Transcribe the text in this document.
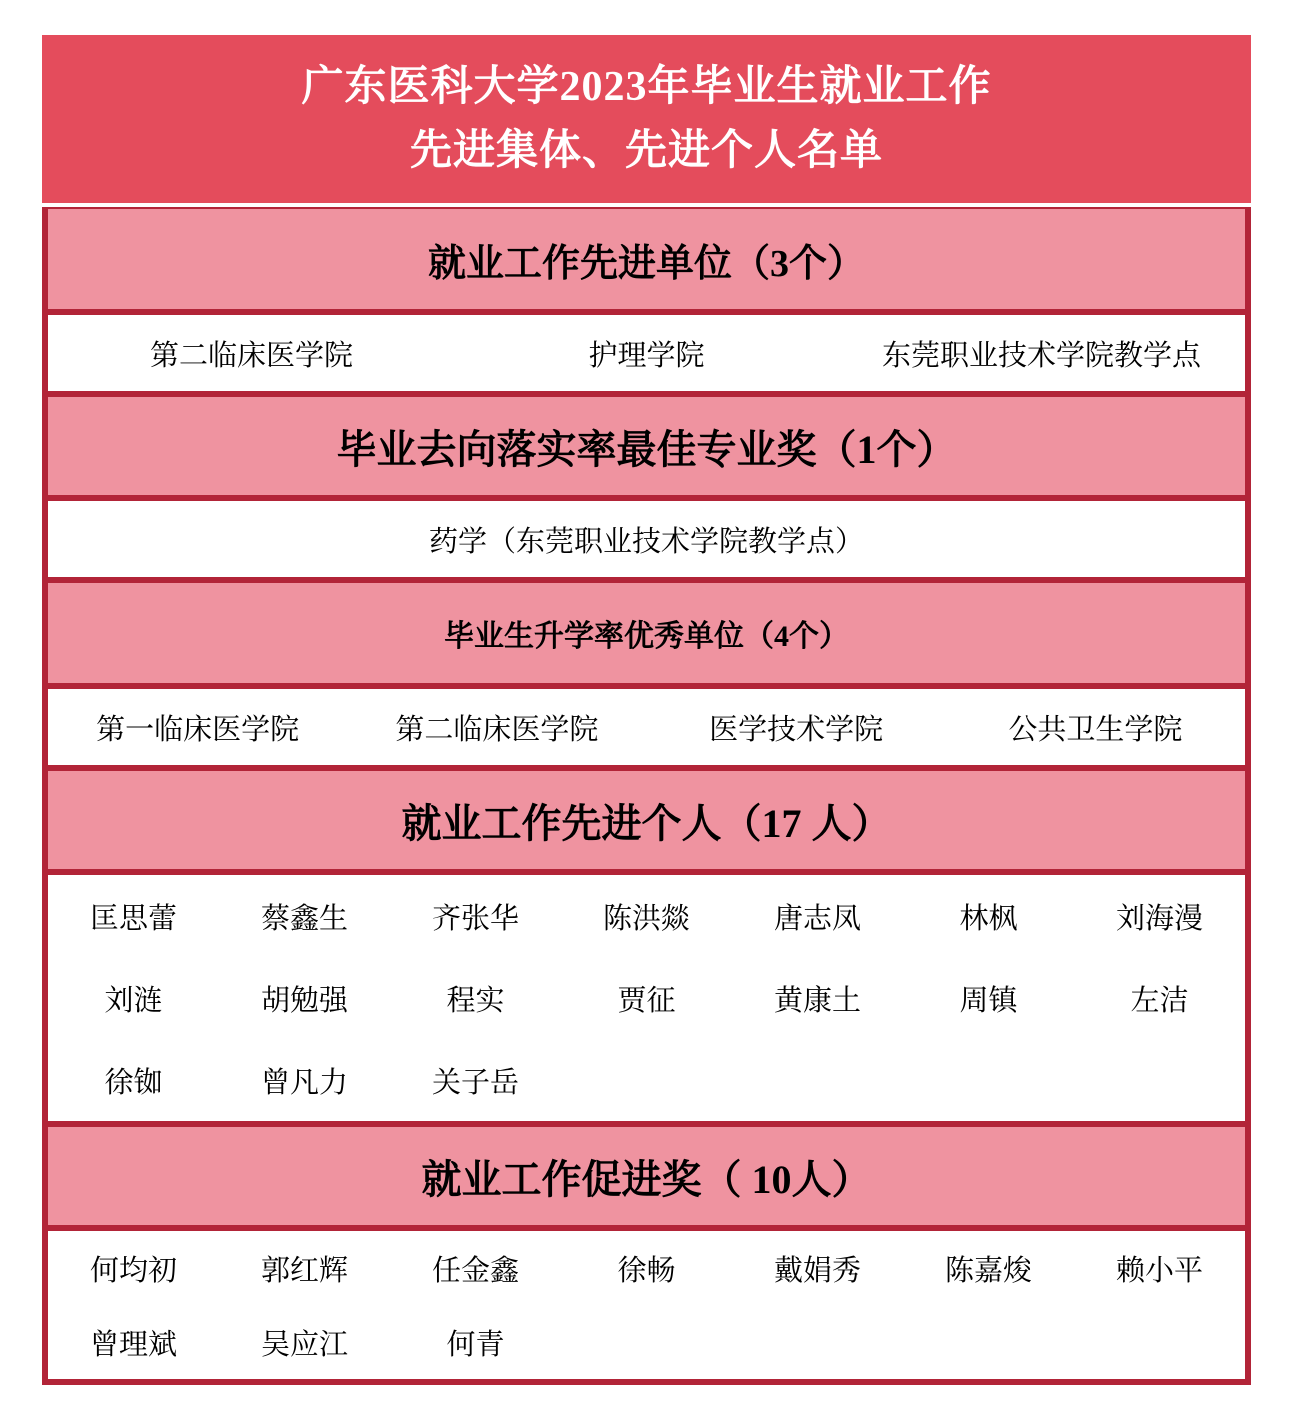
广东医科大学2023年毕业生就业工作
先进集体、先进个人名单
就业工作先进单位（3个）
第二临床医学院	护理学院	东莞职业技术学院教学点
毕业去向落实率最佳专业奖（1个）
药学（东莞职业技术学院教学点）
毕业生升学率优秀单位（4个）
第一临床医学院	第二临床医学院	医学技术学院	公共卫生学院
就业工作先进个人（17 人）
匡思蕾	蔡鑫生	齐张华	陈洪燚	唐志凤	林枫	刘海漫
刘涟	胡勉强	程实	贾征	黄康土	周镇	左洁
徐铷	曾凡力	关子岳
就业工作促进奖（ 10人）
何均初	郭红辉	任金鑫	徐畅	戴娟秀	陈嘉焌	赖小平
曾理斌	吴应江	何青
